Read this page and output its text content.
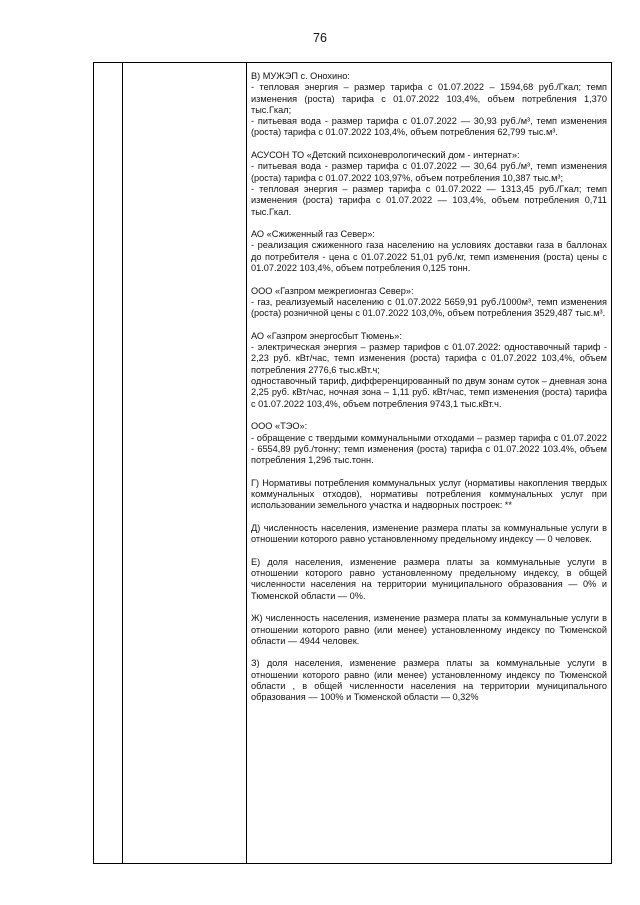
76

В) МУЖЭП с. Онохино:

- тепловая энергия – размер тарифа с 01.07.2022 – 1594,68 руб./Гкал; темп изменения (роста) тарифа с 01.07.2022 103,4%, объем потребления 1,370 тыс.Гкал;

- питьевая вода - размер тарифа с 01.07.2022 — 30,93 руб./м³, темп изменения (роста) тарифа с 01.07.2022 103,4%, объем потребления 62,799 тыс.м³.

АСУСОН ТО «Детский психоневрологический дом - интернат»:

- питьевая вода - размер тарифа с 01.07.2022 — 30,64 руб./м³, темп изменения (роста) тарифа с 01.07.2022 103,97%, объем потребления 10,387 тыс.м³;

- тепловая энергия – размер тарифа с 01.07.2022 — 1313,45 руб./Гкал; темп изменения (роста) тарифа с 01.07.2022 — 103,4%, объем потребления 0,711 тыс.Гкал.

АО «Сжиженный газ Север»:

- реализация сжиженного газа населению на условиях доставки газа в баллонах до потребителя - цена с 01.07.2022 51,01 руб./кг, темп изменения (роста) цены с 01.07.2022 103,4%, объем потребления 0,125 тонн.

ООО «Газпром межрегионгаз Север»:

- газ, реализуемый населению с 01.07.2022 5659,91 руб./1000м³, темп изменения (роста) розничной цены с 01.07.2022 103,0%, объем потребления 3529,487 тыс.м³.

АО «Газпром энергосбыт Тюмень»:

- электрическая энергия – размер тарифов с 01.07.2022: одноставочный тариф - 2,23 руб. кВт/час, темп изменения (роста) тарифа с 01.07.2022 103,4%, объем потребления 2776,6 тыс.кВт.ч;

одноставочный тариф, дифференцированный по двум зонам суток – дневная зона 2,25 руб. кВт/час, ночная зона – 1,11 руб. кВт/час, темп изменения (роста) тарифа с 01.07.2022 103,4%, объем потребления 9743,1 тыс.кВт.ч.

ООО «ТЭО»:

- обращение с твердыми коммунальными отходами – размер тарифа с 01.07.2022 - 6554,89 руб./тонну; темп изменения (роста) тарифа с 01.07.2022 103.4%, объем потребления 1,296 тыс.тонн.

Г) Нормативы потребления коммунальных услуг (нормативы накопления твердых коммунальных отходов), нормативы потребления коммунальных услуг при использовании земельного участка и надворных построек: **

Д) численность населения, изменение размера платы за коммунальные услуги в отношении которого равно установленному предельному индексу — 0 человек.

Е) доля населения, изменение размера платы за коммунальные услуги в отношении которого равно установленному предельному индексу, в общей численности населения на территории муниципального образования — 0% и Тюменской области — 0%.

Ж) численность населения, изменение размера платы за коммунальные услуги в отношении которого равно (или менее) установленному индексу по Тюменской области — 4944 человек.

З) доля населения, изменение размера платы за коммунальные услуги в отношении которого равно (или менее) установленному индексу по Тюменской области , в общей численности населения на территории муниципального образования — 100% и Тюменской области — 0,32%
